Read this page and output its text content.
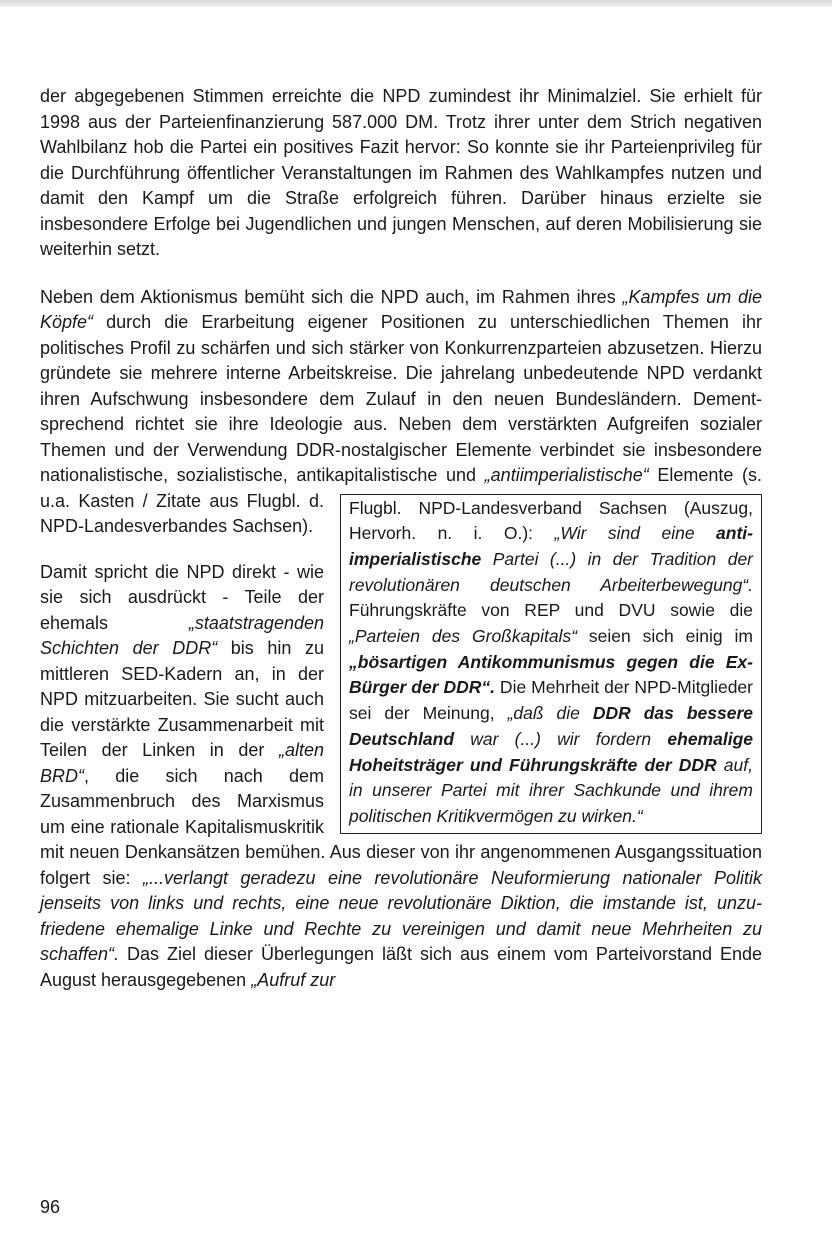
der abgegebenen Stimmen erreichte die NPD zumindest ihr Minimalziel. Sie erhielt für 1998 aus der Parteienfinanzierung 587.000 DM. Trotz ihrer unter dem Strich negativen Wahlbilanz hob die Partei ein positives Fazit hervor: So konnte sie ihr Parteienprivileg für die Durchführung öffentlicher Veranstaltungen im Rahmen des Wahlkampfes nutzen und damit den Kampf um die Straße erfolgreich führen. Darüber hinaus erzielte sie insbesondere Erfolge bei Jugendlichen und jungen Menschen, auf deren Mobilisierung sie weiterhin setzt.

Neben dem Aktionismus bemüht sich die NPD auch, im Rahmen ihres „Kampfes um die Köpfe“ durch die Erarbeitung eigener Positionen zu unterschiedlichen Themen ihr politisches Profil zu schärfen und sich stärker von Konkurrenzparteien abzusetzen. Hierzu gründete sie mehrere interne Arbeitskreise. Die jahrelang unbedeutende NPD verdankt ihren Aufschwung insbesondere dem Zulauf in den neuen Bundesländern. Dementsprechend richtet sie ihre Ideologie aus. Neben dem verstärkten Aufgreifen sozialer Themen und der Verwendung DDR-nostalgischer Elemente verbindet sie insbesondere nationalistische, sozialistische, antikapitalistische und
Flugbl. NPD-Landesverband Sachsen (Auszug, Hervorh. n. i. O.): „Wir sind eine antiimperialistische Partei (...) in der Tradition der revolutionären deutschen Arbeiterbewegung“. Führungskräfte von REP und DVU sowie die „Parteien des Großkapitals“ seien sich einig im „bösartigen Antikommunismus gegen die Ex-Bürger der DDR“. Die Mehrheit der NPD-Mitglieder sei der Meinung, „daß die DDR das bessere Deutschland war (...) wir fordern ehemalige Hoheitsträger und Führungskräfte der DDR auf, in unserer Partei mit ihrer Sachkunde und ihrem politischen Kritikvermögen zu wirken.“
„antiimperialistische“ Elemente (s. u.a. Kasten / Zitate aus Flugbl. d. NPD-Landesverbandes Sachsen).
Damit spricht die NPD direkt - wie sie sich ausdrückt - Teile der ehemals „staatstragenden Schichten der DDR“ bis hin zu mittleren SED-Kadern an, in der NPD mitzuarbeiten. Sie sucht auch die verstärkte Zusammenarbeit mit Teilen der Linken in der „alten BRD“, die sich nach dem Zusammenbruch des Marxismus um eine rationale Kapitalismuskritik mit neuen Denkansätzen bemühen. Aus dieser von ihr angenommenen Ausgangssituation folgert sie: „...verlangt geradezu eine revolutionäre Neuformierung nationaler Politik jenseits von links und rechts, eine neue revolutionäre Diktion, die imstande ist, unzufriedene ehemalige Linke und Rechte zu vereinigen und damit neue Mehrheiten zu schaffen“. Das Ziel dieser Überlegungen läßt sich aus einem vom Parteivorstand Ende August herausgegebenen „Aufruf zur

96
